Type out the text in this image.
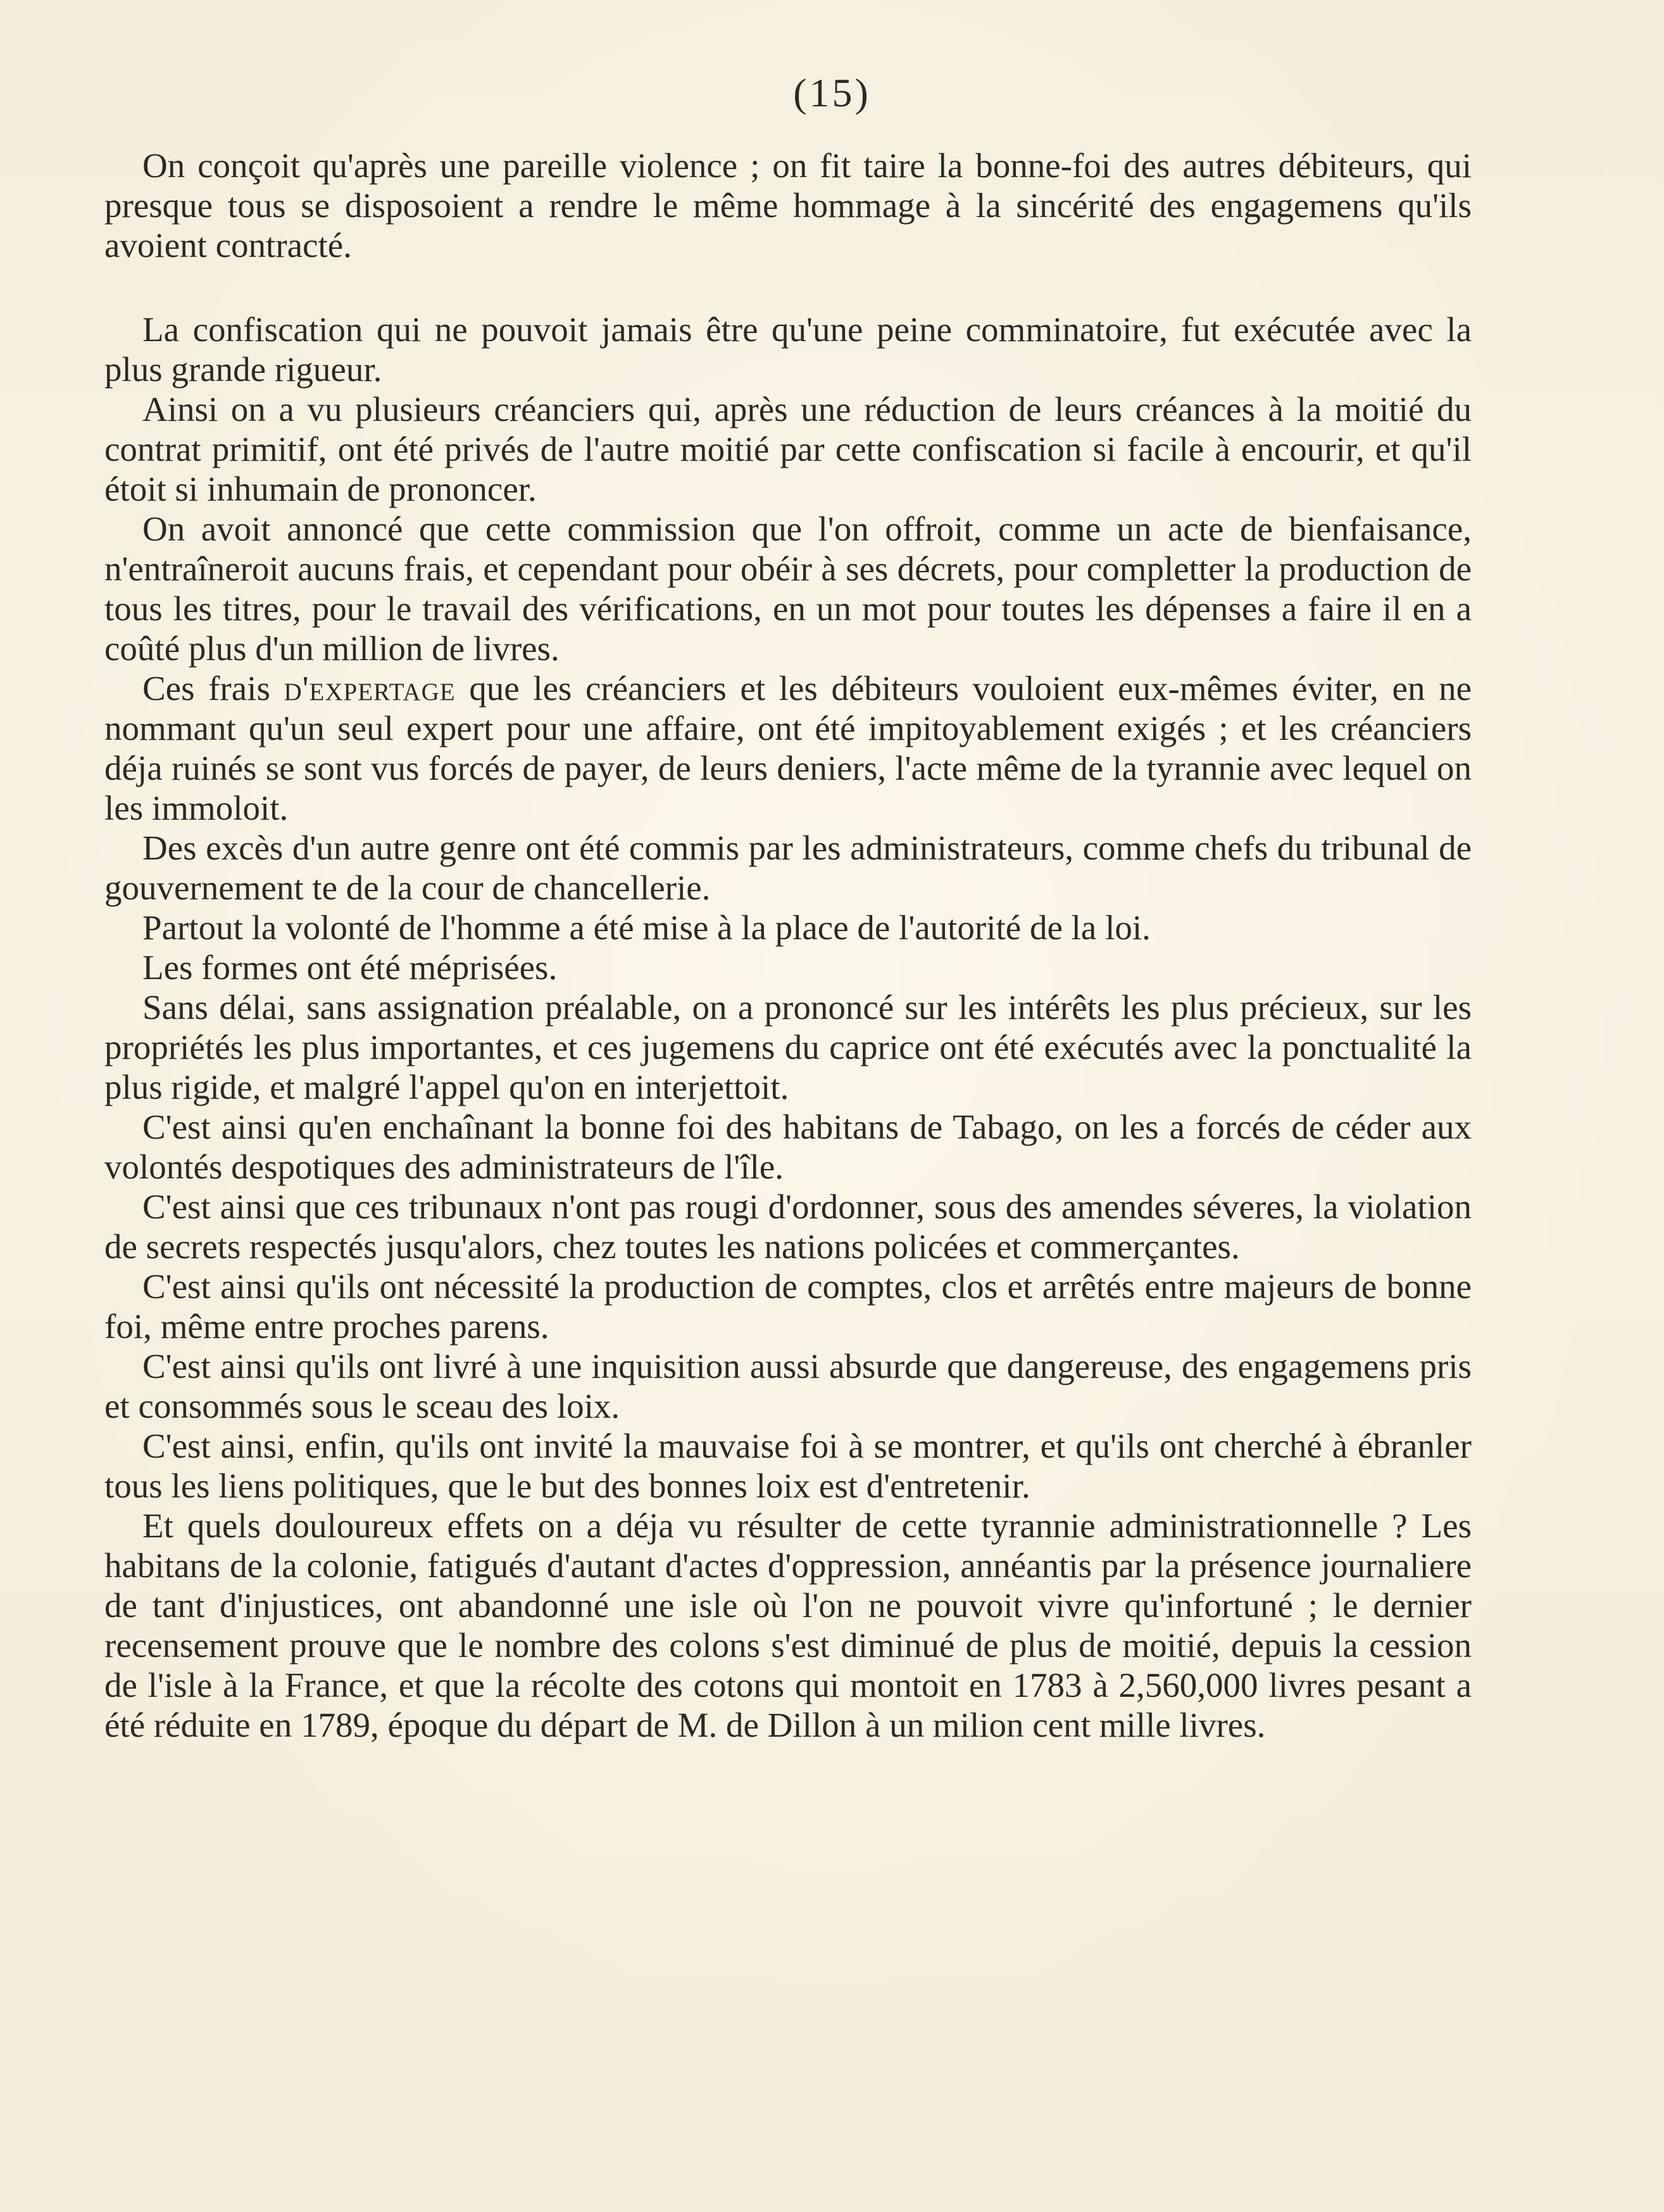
(15)

On conçoit qu'après une pareille violence ; on fit taire la bonne-foi des autres débiteurs, qui presque tous se disposoient a rendre le même hommage à la sincérité des engagemens qu'ils avoient contracté.

La confiscation qui ne pouvoit jamais être qu'une peine comminatoire, fut exécutée avec la plus grande rigueur.

Ainsi on a vu plusieurs créanciers qui, après une réduction de leurs créances à la moitié du contrat primitif, ont été privés de l'autre moitié par cette confiscation si facile à encourir, et qu'il étoit si inhumain de prononcer.

On avoit annoncé que cette commission que l'on offroit, comme un acte de bienfaisance, n'entraîneroit aucuns frais, et cependant pour obéir à ses décrets, pour completter la production de tous les titres, pour le travail des vérifications, en un mot pour toutes les dépenses a faire il en a coûté plus d'un million de livres.

Ces frais d'expertage que les créanciers et les débiteurs vouloient eux-mêmes éviter, en ne nommant qu'un seul expert pour une affaire, ont été impitoyablement exigés ; et les créanciers déja ruinés se sont vus forcés de payer, de leurs deniers, l'acte même de la tyrannie avec lequel on les immoloit.

Des excès d'un autre genre ont été commis par les administrateurs, comme chefs du tribunal de gouvernement te de la cour de chancellerie.

Partout la volonté de l'homme a été mise à la place de l'autorité de la loi.

Les formes ont été méprisées.

Sans délai, sans assignation préalable, on a prononcé sur les intérêts les plus précieux, sur les propriétés les plus importantes, et ces jugemens du caprice ont été exécutés avec la ponctualité la plus rigide, et malgré l'appel qu'on en interjettoit.

C'est ainsi qu'en enchaînant la bonne foi des habitans de Tabago, on les a forcés de céder aux volontés despotiques des administrateurs de l'île.

C'est ainsi que ces tribunaux n'ont pas rougi d'ordonner, sous des amendes séveres, la violation de secrets respectés jusqu'alors, chez toutes les nations policées et commerçantes.

C'est ainsi qu'ils ont nécessité la production de comptes, clos et arrêtés entre majeurs de bonne foi, même entre proches parens.

C'est ainsi qu'ils ont livré à une inquisition aussi absurde que dangereuse, des engagemens pris et consommés sous le sceau des loix.

C'est ainsi, enfin, qu'ils ont invité la mauvaise foi à se montrer, et qu'ils ont cherché à ébranler tous les liens politiques, que le but des bonnes loix est d'entretenir.

Et quels douloureux effets on a déja vu résulter de cette tyrannie administrationnelle ? Les habitans de la colonie, fatigués d'autant d'actes d'oppression, annéantis par la présence journaliere de tant d'injustices, ont abandonné une isle où l'on ne pouvoit vivre qu'infortuné ; le dernier recensement prouve que le nombre des colons s'est diminué de plus de moitié, depuis la cession de l'isle à la France, et que la récolte des cotons qui montoit en 1783 à 2,560,000 livres pesant a été réduite en 1789, époque du départ de M. de Dillon à un milion cent mille livres.
